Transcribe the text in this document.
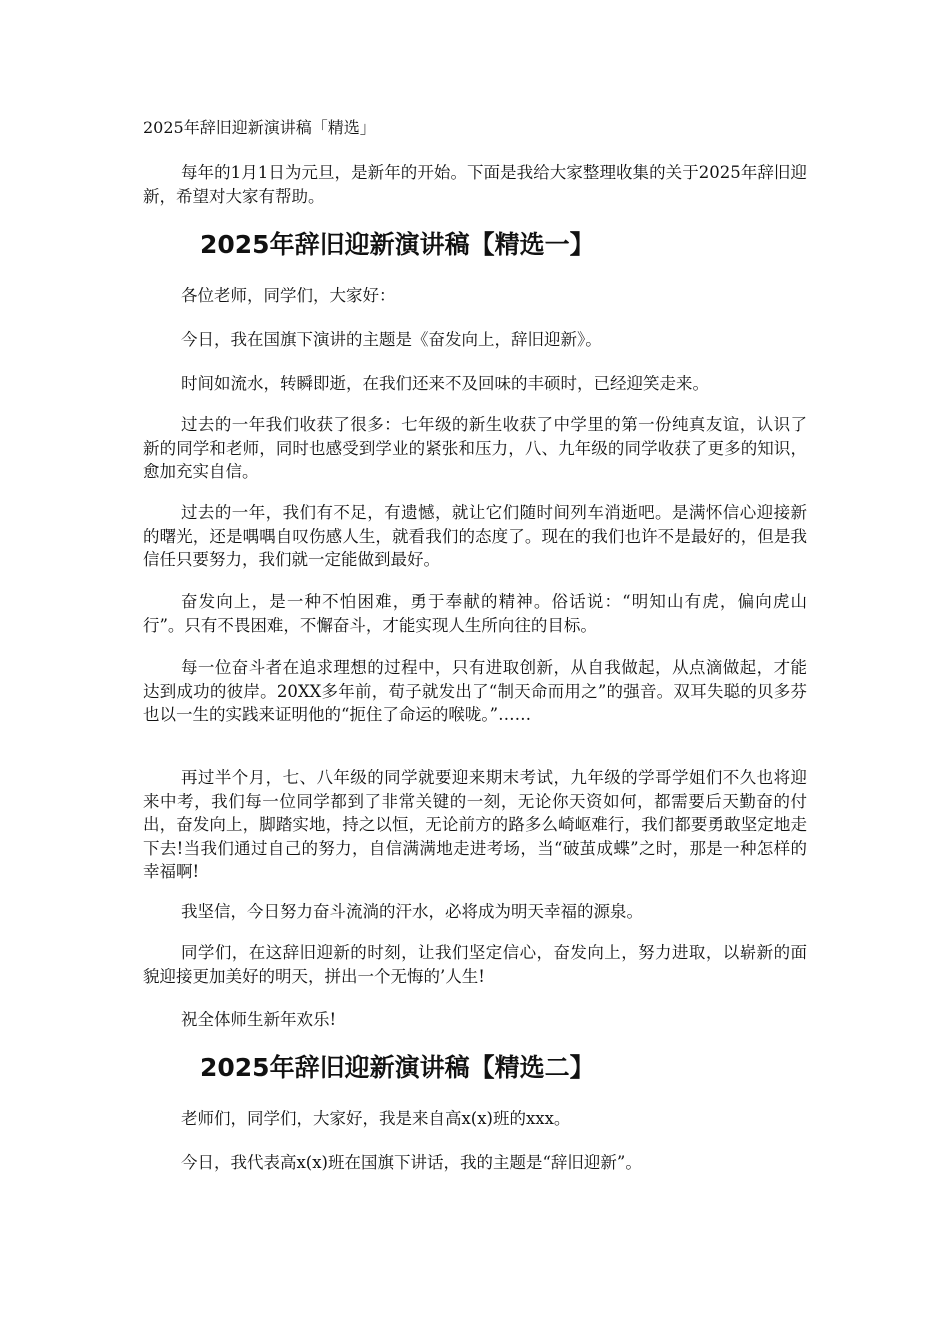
2025年辞旧迎新演讲稿「精选」

每年的1月1日为元旦，是新年的开始。下面是我给大家整理收集的关于2025年辞旧迎新，希望对大家有帮助。

2025年辞旧迎新演讲稿【精选一】

各位老师，同学们，大家好：

今日，我在国旗下演讲的主题是《奋发向上，辞旧迎新》。

时间如流水，转瞬即逝，在我们还来不及回味的丰硕时，已经迎笑走来。

过去的一年我们收获了很多：七年级的新生收获了中学里的第一份纯真友谊，认识了新的同学和老师，同时也感受到学业的紧张和压力，八、九年级的同学收获了更多的知识，愈加充实自信。

过去的一年，我们有不足，有遗憾，就让它们随时间列车消逝吧。是满怀信心迎接新的曙光，还是喁喁自叹伤感人生，就看我们的态度了。现在的我们也许不是最好的，但是我信任只要努力，我们就一定能做到最好。

奋发向上，是一种不怕困难，勇于奉献的精神。俗话说：“明知山有虎，偏向虎山行”。只有不畏困难，不懈奋斗，才能实现人生所向往的目标。

每一位奋斗者在追求理想的过程中，只有进取创新，从自我做起，从点滴做起，才能达到成功的彼岸。20XX多年前，荀子就发出了“制天命而用之”的强音。双耳失聪的贝多芬也以一生的实践来证明他的“扼住了命运的喉咙。”……

再过半个月，七、八年级的同学就要迎来期末考试，九年级的学哥学姐们不久也将迎来中考，我们每一位同学都到了非常关键的一刻，无论你天资如何，都需要后天勤奋的付出，奋发向上，脚踏实地，持之以恒，无论前方的路多么崎岖难行，我们都要勇敢坚定地走下去!当我们通过自己的努力，自信满满地走进考场，当“破茧成蝶”之时，那是一种怎样的幸福啊!

我坚信，今日努力奋斗流淌的汗水，必将成为明天幸福的源泉。

同学们，在这辞旧迎新的时刻，让我们坚定信心，奋发向上，努力进取，以崭新的面貌迎接更加美好的明天，拼出一个无悔的’人生!

祝全体师生新年欢乐!

2025年辞旧迎新演讲稿【精选二】

老师们，同学们，大家好，我是来自高x(x)班的xxx。

今日，我代表高x(x)班在国旗下讲话，我的主题是“辞旧迎新”。
